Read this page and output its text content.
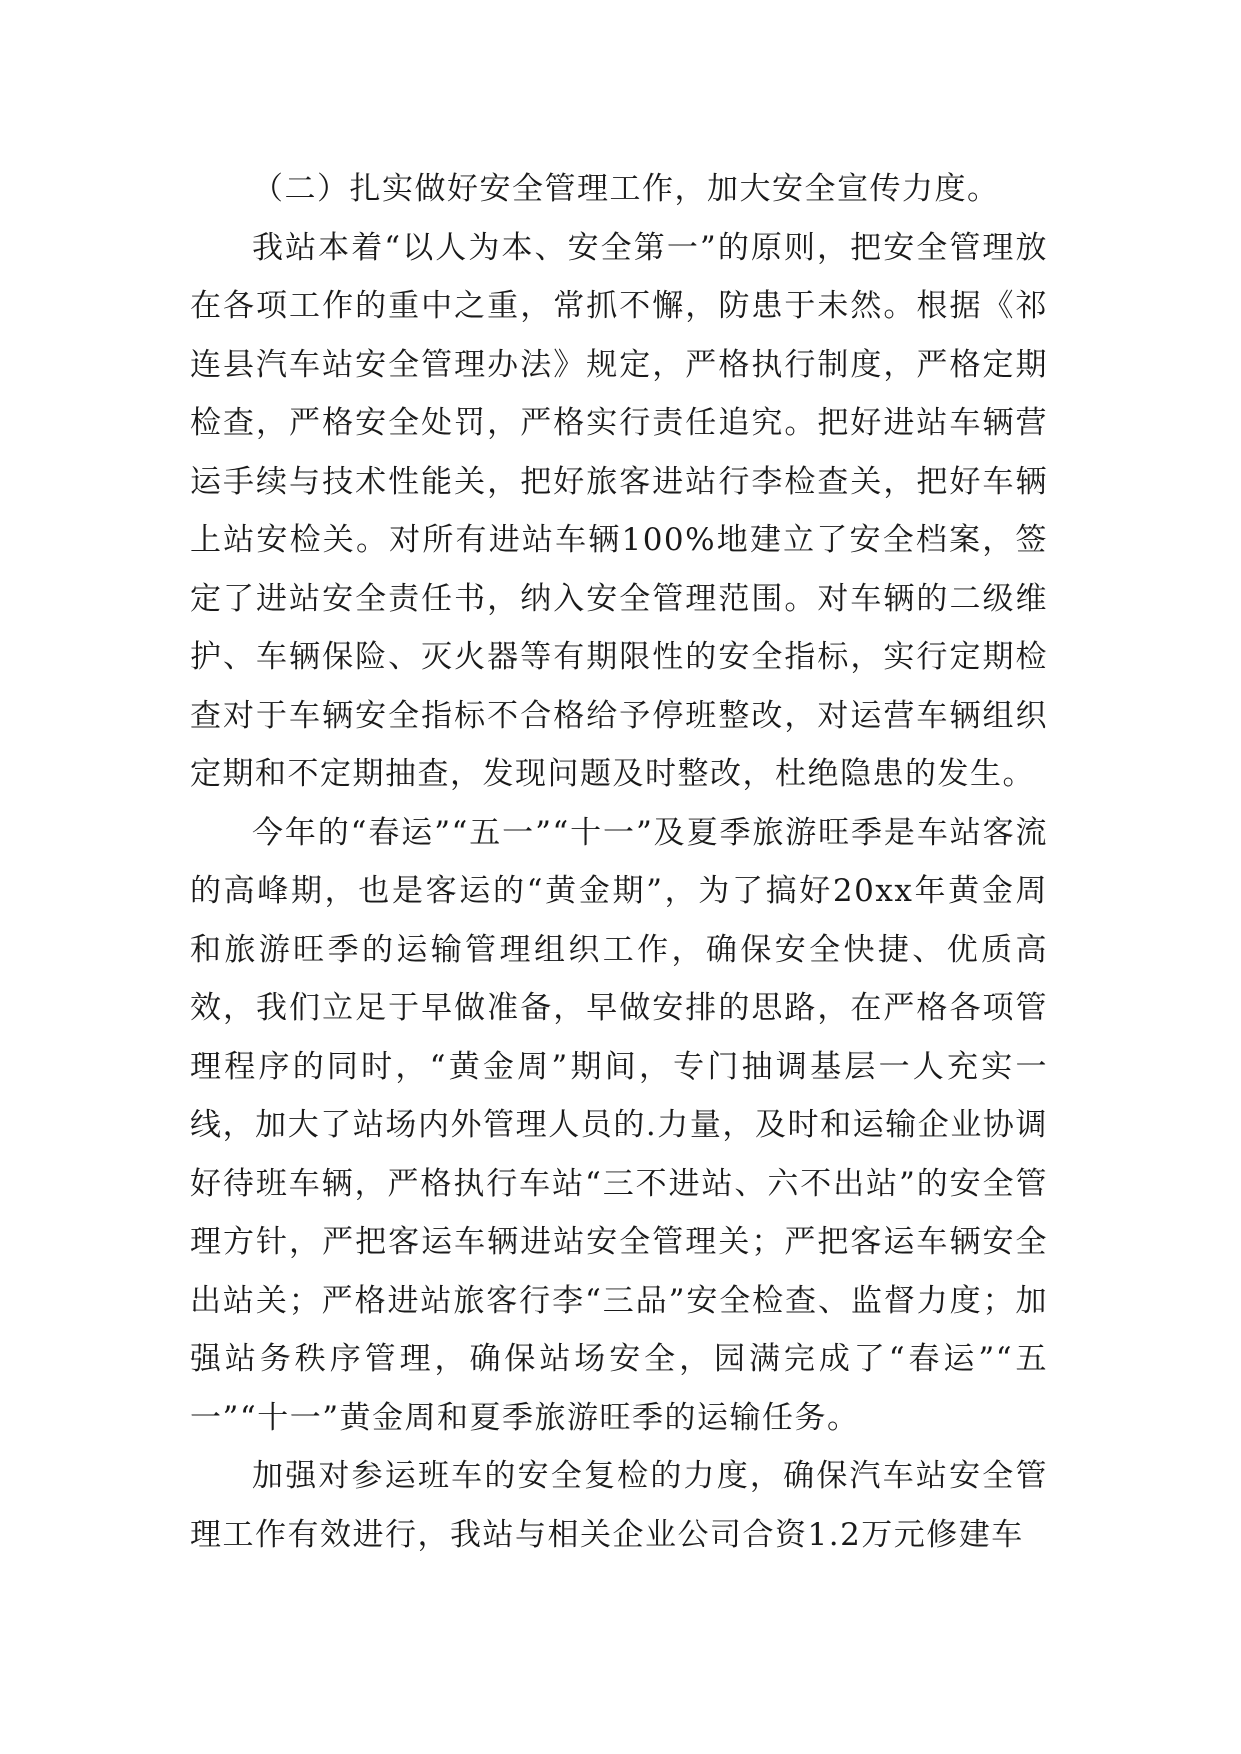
（二）扎实做好安全管理工作，加大安全宣传力度。

我站本着“以人为本、安全第一”的原则，把安全管理放在各项工作的重中之重，常抓不懈，防患于未然。根据《祁连县汽车站安全管理办法》规定，严格执行制度，严格定期检查，严格安全处罚，严格实行责任追究。把好进站车辆营运手续与技术性能关，把好旅客进站行李检查关，把好车辆上站安检关。对所有进站车辆100%地建立了安全档案，签定了进站安全责任书，纳入安全管理范围。对车辆的二级维护、车辆保险、灭火器等有期限性的安全指标，实行定期检查对于车辆安全指标不合格给予停班整改，对运营车辆组织定期和不定期抽查，发现问题及时整改，杜绝隐患的发生。

今年的“春运”“五一”“十一”及夏季旅游旺季是车站客流的高峰期，也是客运的“黄金期”，为了搞好20xx年黄金周和旅游旺季的运输管理组织工作，确保安全快捷、优质高效，我们立足于早做准备，早做安排的思路，在严格各项管理程序的同时，“黄金周”期间，专门抽调基层一人充实一线，加大了站场内外管理人员的.力量，及时和运输企业协调好待班车辆，严格执行车站“三不进站、六不出站”的安全管理方针，严把客运车辆进站安全管理关；严把客运车辆安全出站关；严格进站旅客行李“三品”安全检查、监督力度；加强站务秩序管理，确保站场安全，园满完成了“春运”“五一”“十一”黄金周和夏季旅游旺季的运输任务。

加强对参运班车的安全复检的力度，确保汽车站安全管理工作有效进行，我站与相关企业公司合资1.2万元修建车
